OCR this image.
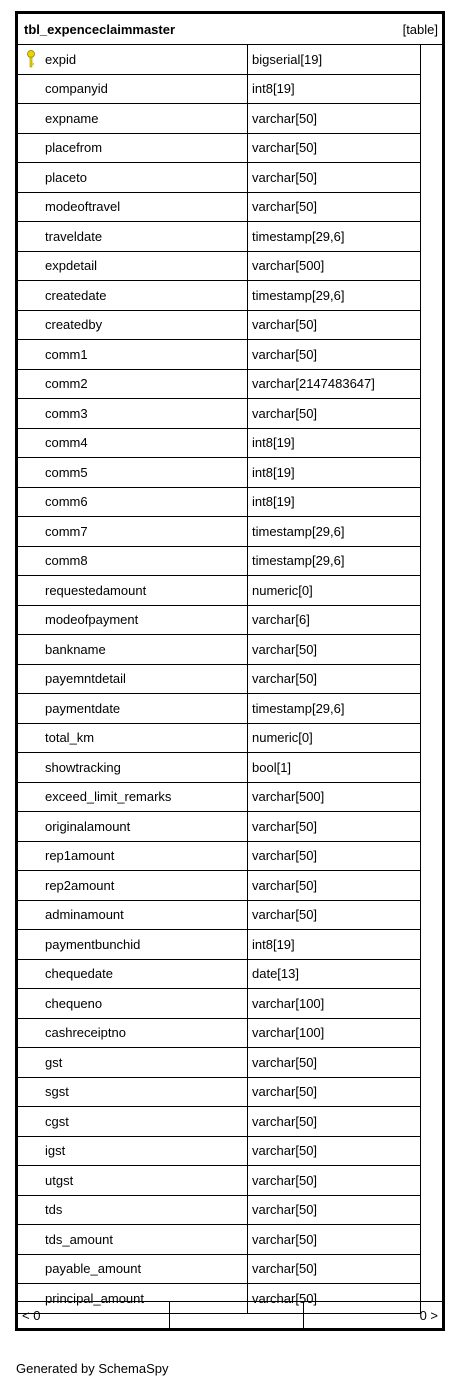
tbl_expenceclaimmaster	[table]
expid	bigserial[19]
companyid	int8[19]
expname	varchar[50]
placefrom	varchar[50]
placeto	varchar[50]
modeoftravel	varchar[50]
traveldate	timestamp[29,6]
expdetail	varchar[500]
createdate	timestamp[29,6]
createdby	varchar[50]
comm1	varchar[50]
comm2	varchar[2147483647]
comm3	varchar[50]
comm4	int8[19]
comm5	int8[19]
comm6	int8[19]
comm7	timestamp[29,6]
comm8	timestamp[29,6]
requestedamount	numeric[0]
modeofpayment	varchar[6]
bankname	varchar[50]
payemntdetail	varchar[50]
paymentdate	timestamp[29,6]
total_km	numeric[0]
showtracking	bool[1]
exceed_limit_remarks	varchar[500]
originalamount	varchar[50]
rep1amount	varchar[50]
rep2amount	varchar[50]
adminamount	varchar[50]
paymentbunchid	int8[19]
chequedate	date[13]
chequeno	varchar[100]
cashreceiptno	varchar[100]
gst	varchar[50]
sgst	varchar[50]
cgst	varchar[50]
igst	varchar[50]
utgst	varchar[50]
tds	varchar[50]
tds_amount	varchar[50]
payable_amount	varchar[50]
principal_amount	varchar[50]
< 0	0 >
Generated by SchemaSpy
